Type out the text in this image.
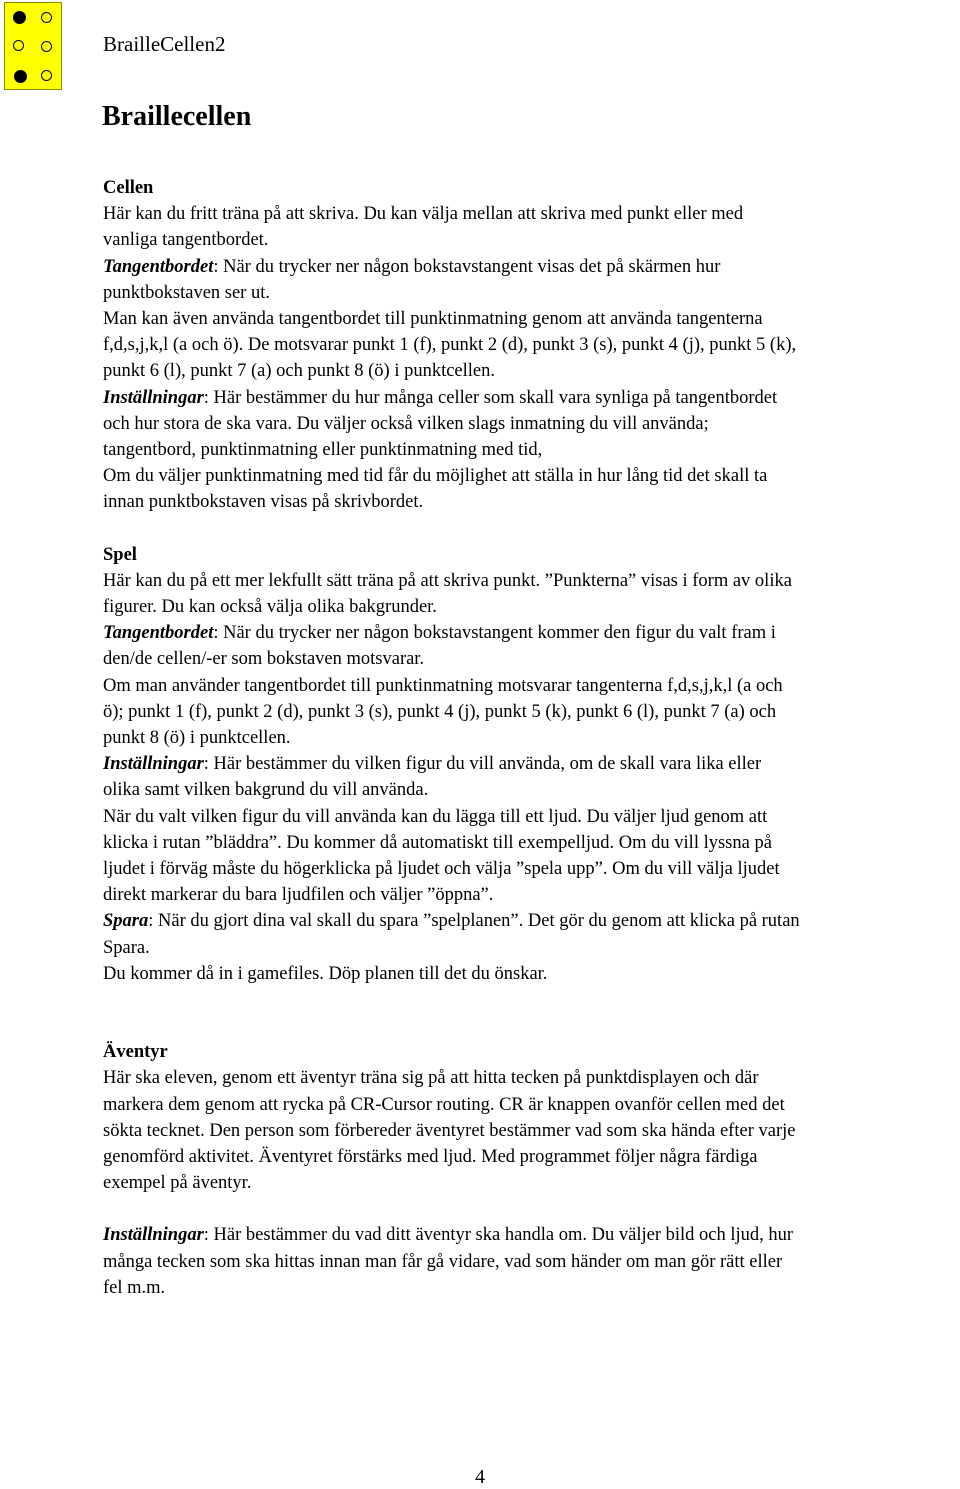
BrailleCellen2
Braillecellen
Cellen
Här kan du fritt träna på att skriva. Du kan välja mellan att skriva med punkt eller med
vanliga tangentbordet.
Tangentbordet: När du trycker ner någon bokstavstangent visas det på skärmen hur
punktbokstaven ser ut.
Man kan även använda tangentbordet till punktinmatning genom att använda tangenterna
f,d,s,j,k,l (a och ö). De motsvarar punkt 1 (f), punkt 2 (d), punkt 3 (s), punkt 4 (j), punkt 5 (k),
punkt 6 (l), punkt 7 (a) och punkt 8 (ö) i punktcellen.
Inställningar: Här bestämmer du hur många celler som skall vara synliga på tangentbordet
och hur stora de ska vara. Du väljer också vilken slags inmatning du vill använda;
tangentbord, punktinmatning eller punktinmatning med tid,
Om du väljer punktinmatning med tid får du möjlighet att ställa in hur lång tid det skall ta
innan punktbokstaven visas på skrivbordet.
Spel
Här kan du på ett mer lekfullt sätt träna på att skriva punkt. ”Punkterna” visas i form av olika
figurer. Du kan också välja olika bakgrunder.
Tangentbordet: När du trycker ner någon bokstavstangent kommer den figur du valt fram i
den/de cellen/-er som bokstaven motsvarar.
Om man använder tangentbordet till punktinmatning motsvarar tangenterna f,d,s,j,k,l (a och
ö); punkt 1 (f), punkt 2 (d), punkt 3 (s), punkt 4 (j), punkt 5 (k), punkt 6 (l), punkt 7 (a) och
punkt 8 (ö) i punktcellen.
Inställningar: Här bestämmer du vilken figur du vill använda, om de skall vara lika eller
olika samt vilken bakgrund du vill använda.
När du valt vilken figur du vill använda kan du lägga till ett ljud. Du väljer ljud genom att
klicka i rutan ”bläddra”. Du kommer då automatiskt till exempelljud. Om du vill lyssna på
ljudet i förväg måste du högerklicka på ljudet och välja ”spela upp”. Om du vill välja ljudet
direkt markerar du bara ljudfilen och väljer ”öppna”.
Spara: När du gjort dina val skall du spara ”spelplanen”. Det gör du genom att klicka på rutan
Spara.
Du kommer då in i gamefiles. Döp planen till det du önskar.
Äventyr
Här ska eleven, genom ett äventyr träna sig på att hitta tecken på punktdisplayen och där
markera dem genom att rycka på CR-Cursor routing. CR är knappen ovanför cellen med det
sökta tecknet. Den person som förbereder äventyret bestämmer vad som ska hända efter varje
genomförd aktivitet. Äventyret förstärks med ljud. Med programmet följer några färdiga
exempel på äventyr.
Inställningar: Här bestämmer du vad ditt äventyr ska handla om. Du väljer bild och ljud, hur
många tecken som ska hittas innan man får gå vidare, vad som händer om man gör rätt eller
fel m.m.
4
